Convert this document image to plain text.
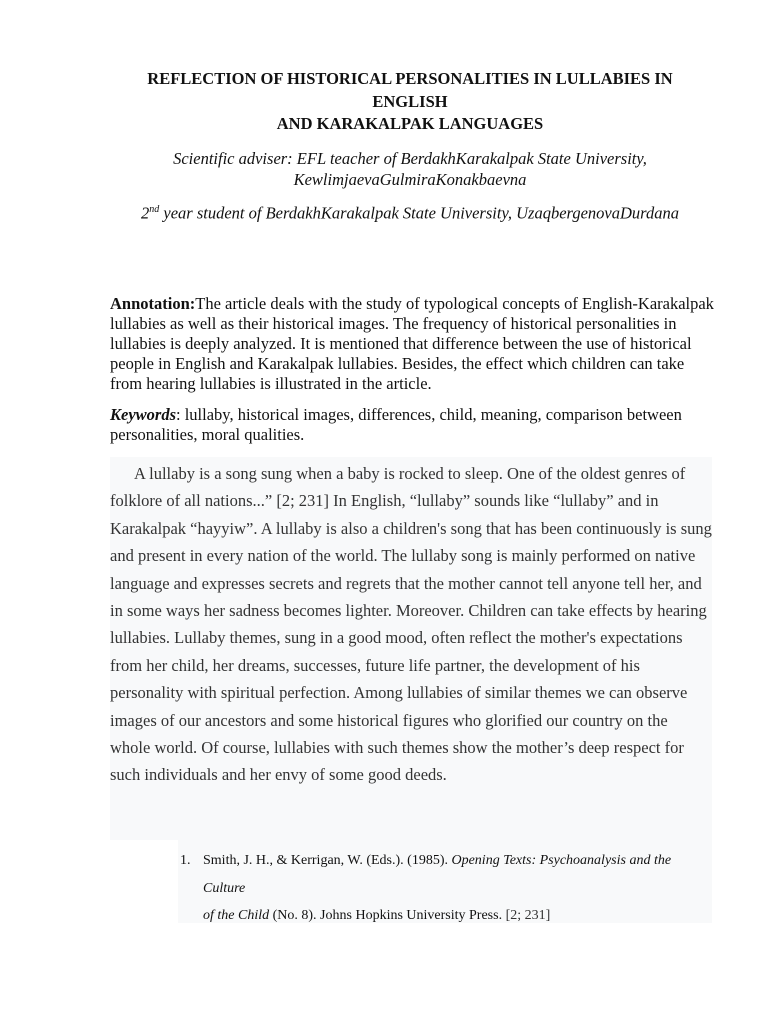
REFLECTION OF HISTORICAL PERSONALITIES IN LULLABIES IN
ENGLISH
AND KARAKALPAK LANGUAGES
Scientific adviser: EFL teacher of BerdakhKarakalpak State University,
KewlimjaevaGulmiraKonakbaevna
2nd year student of BerdakhKarakalpak State University, UzaqbergenovaDurdana
Annotation:The article deals with the study of typological concepts of English-Karakalpak lullabies as well as their historical images. The frequency of historical personalities in lullabies is deeply analyzed. It is mentioned that difference between the use of historical people in English and Karakalpak lullabies. Besides, the effect which children can take from hearing lullabies is illustrated in the article.
Keywords: lullaby, historical images, differences, child, meaning, comparison between personalities, moral qualities.

A lullaby is a song sung when a baby is rocked to sleep. One of the oldest genres of folklore of all nations...” [2; 231] In English, “lullaby” sounds like “lullaby” and in Karakalpak “hayyiw”. A lullaby is also a children's song that has been continuously is sung and present in every nation of the world. The lullaby song is mainly performed on native language and expresses secrets and regrets that the mother cannot tell anyone tell her, and in some ways her sadness becomes lighter. Moreover. Children can take effects by hearing lullabies. Lullaby themes, sung in a good mood, often reflect the mother's expectations from her child, her dreams, successes, future life partner, the development of his personality with spiritual perfection. Among lullabies of similar themes we can observe images of our ancestors and some historical figures who glorified our country on the whole world. Of course, lullabies with such themes show the mother’s deep respect for such individuals and her envy of some good deeds.

1. Smith, J. H., & Kerrigan, W. (Eds.). (1985). Opening Texts: Psychoanalysis and the Culture
of the Child (No. 8). Johns Hopkins University Press. [2; 231]
